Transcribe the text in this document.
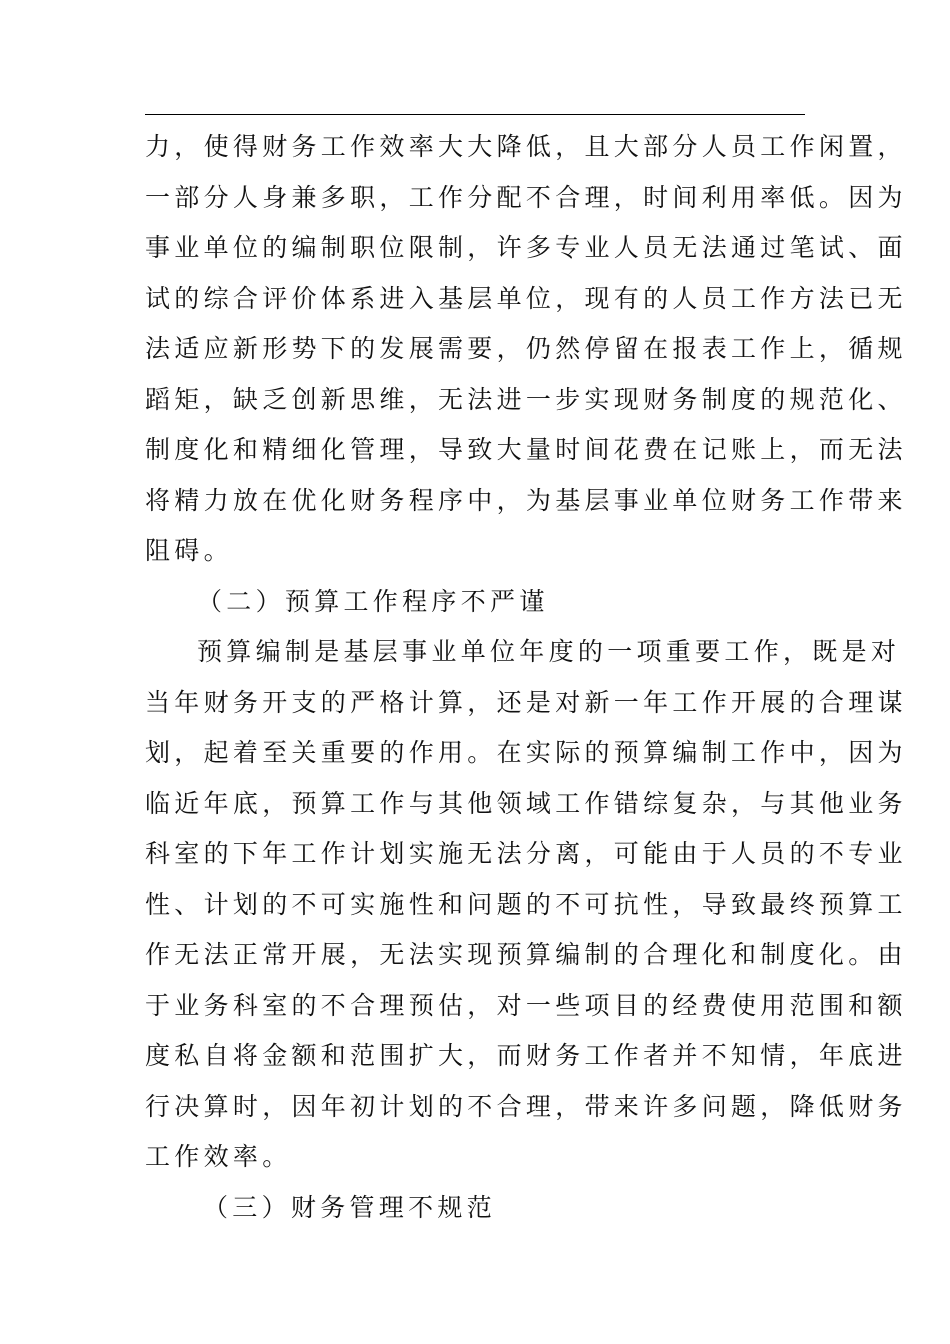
力，使得财务工作效率大大降低，且大部分人员工作闲置，
一部分人身兼多职，工作分配不合理，时间利用率低。因为
事业单位的编制职位限制，许多专业人员无法通过笔试、面
试的综合评价体系进入基层单位，现有的人员工作方法已无
法适应新形势下的发展需要，仍然停留在报表工作上，循规
蹈矩，缺乏创新思维，无法进一步实现财务制度的规范化、
制度化和精细化管理，导致大量时间花费在记账上，而无法
将精力放在优化财务程序中，为基层事业单位财务工作带来
阻碍。
（二）预算工作程序不严谨
预算编制是基层事业单位年度的一项重要工作，既是对
当年财务开支的严格计算，还是对新一年工作开展的合理谋
划，起着至关重要的作用。在实际的预算编制工作中，因为
临近年底，预算工作与其他领域工作错综复杂，与其他业务
科室的下年工作计划实施无法分离，可能由于人员的不专业
性、计划的不可实施性和问题的不可抗性，导致最终预算工
作无法正常开展，无法实现预算编制的合理化和制度化。由
于业务科室的不合理预估，对一些项目的经费使用范围和额
度私自将金额和范围扩大，而财务工作者并不知情，年底进
行决算时，因年初计划的不合理，带来许多问题，降低财务
工作效率。
（三）财务管理不规范
